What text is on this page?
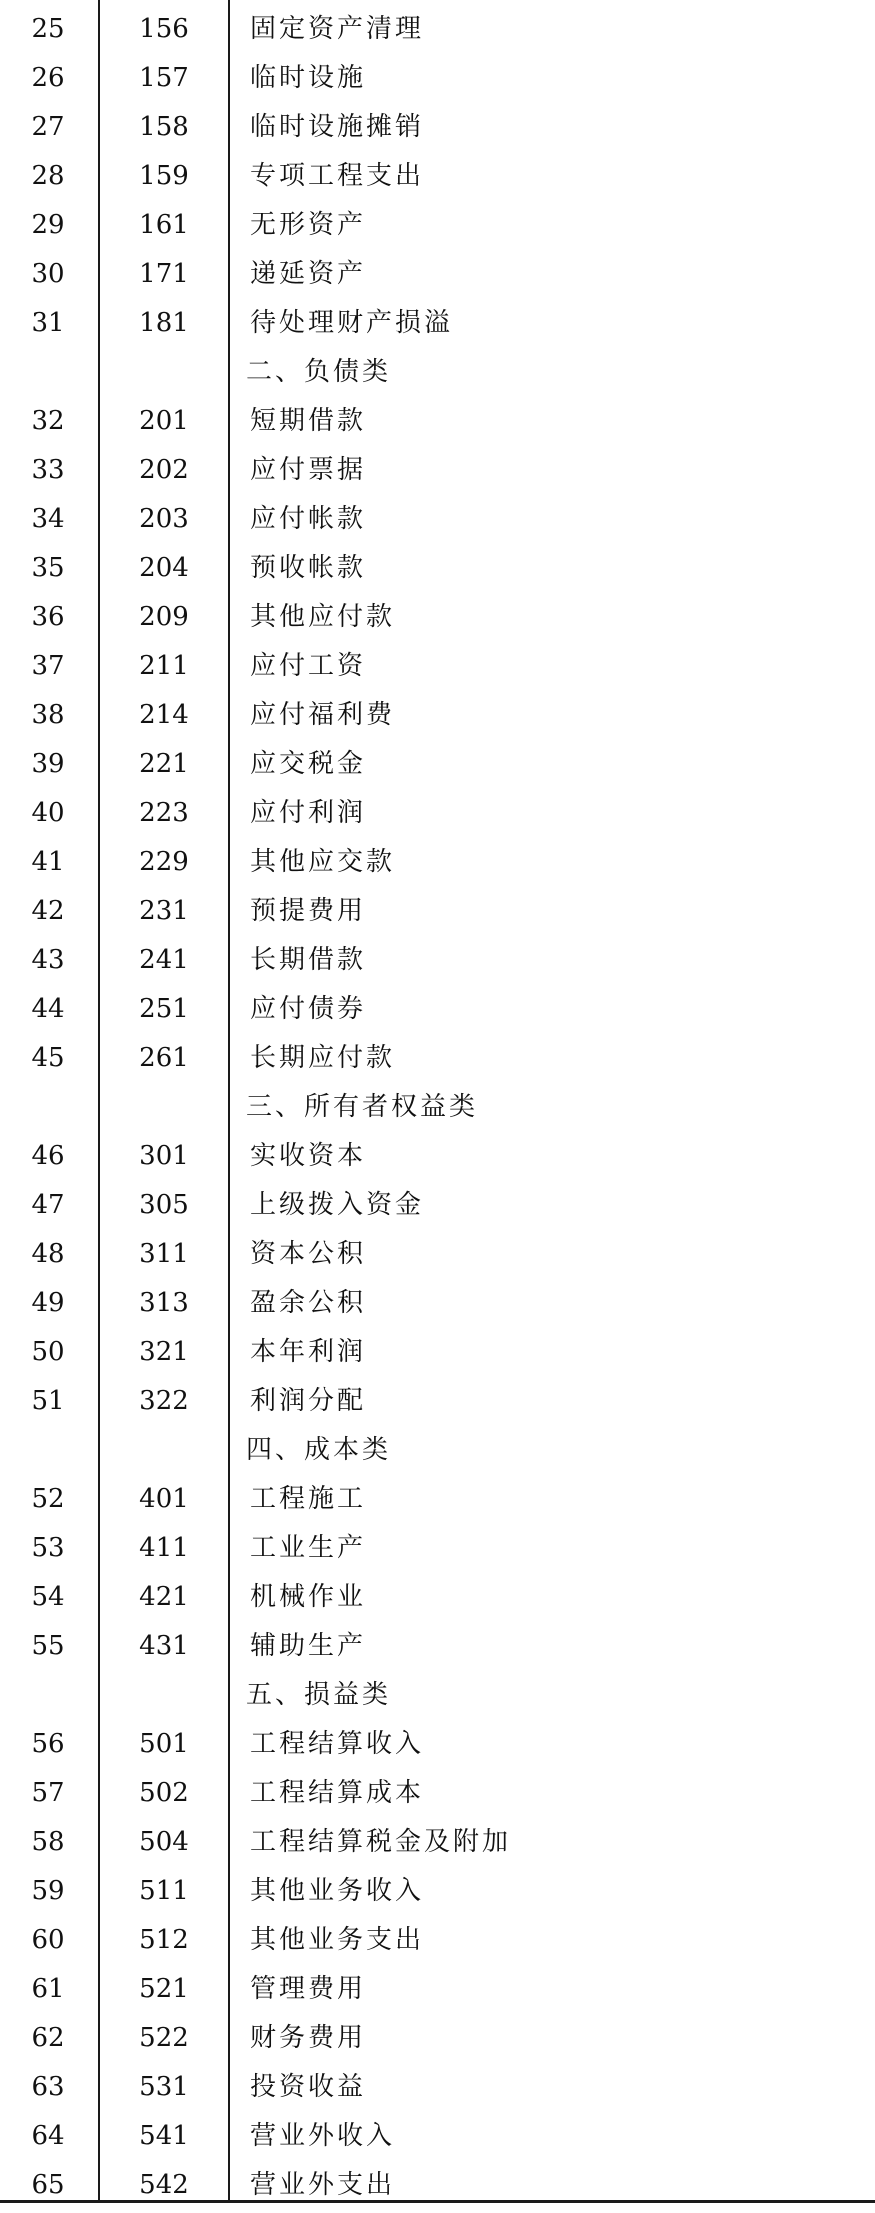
25	156	固定资产清理
26	157	临时设施
27	158	临时设施摊销
28	159	专项工程支出
29	161	无形资产
30	171	递延资产
31	181	待处理财产损溢
二、负债类
32	201	短期借款
33	202	应付票据
34	203	应付帐款
35	204	预收帐款
36	209	其他应付款
37	211	应付工资
38	214	应付福利费
39	221	应交税金
40	223	应付利润
41	229	其他应交款
42	231	预提费用
43	241	长期借款
44	251	应付债券
45	261	长期应付款
三、所有者权益类
46	301	实收资本
47	305	上级拨入资金
48	311	资本公积
49	313	盈余公积
50	321	本年利润
51	322	利润分配
四、成本类
52	401	工程施工
53	411	工业生产
54	421	机械作业
55	431	辅助生产
五、损益类
56	501	工程结算收入
57	502	工程结算成本
58	504	工程结算税金及附加
59	511	其他业务收入
60	512	其他业务支出
61	521	管理费用
62	522	财务费用
63	531	投资收益
64	541	营业外收入
65	542	营业外支出
